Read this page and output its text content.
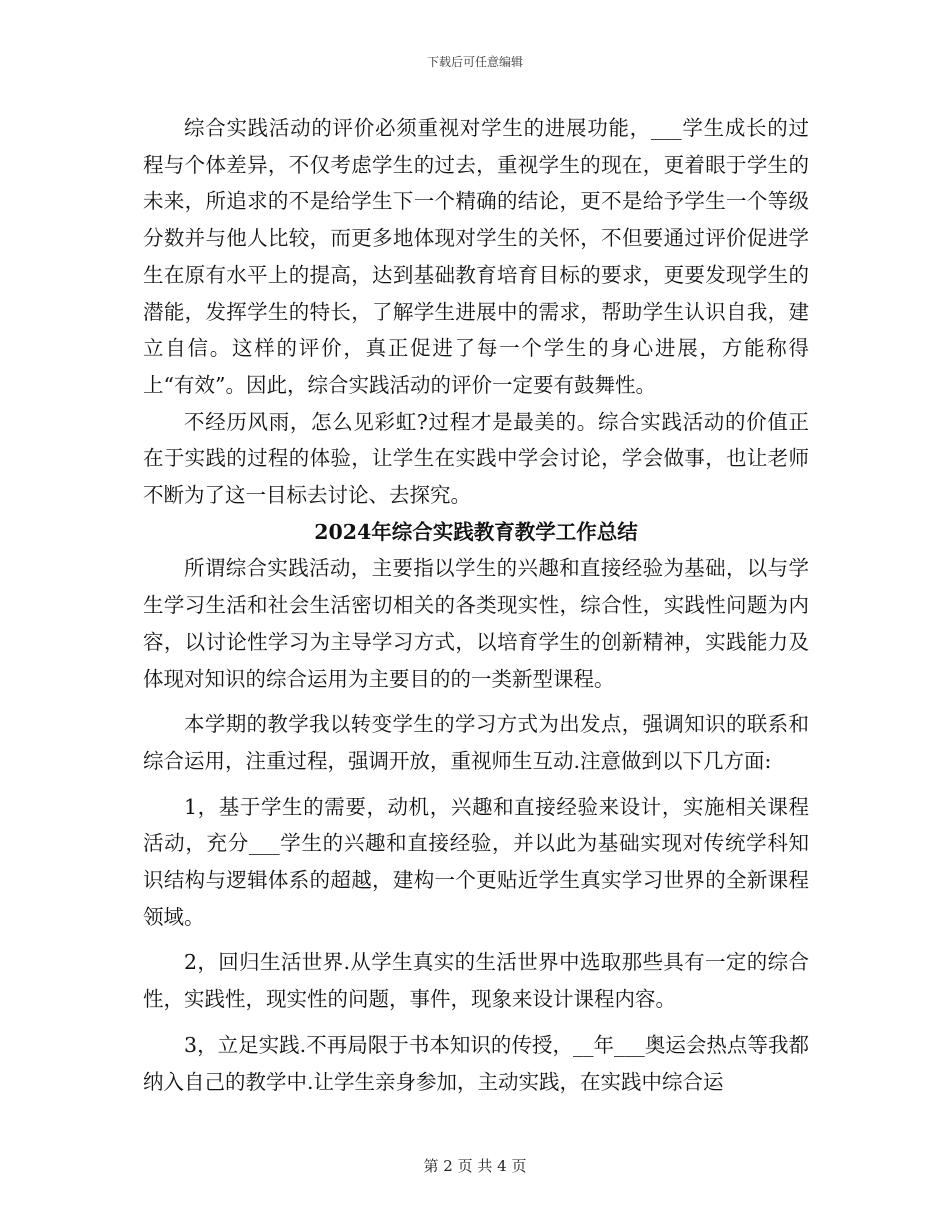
下载后可任意编辑

综合实践活动的评价必须重视对学生的进展功能，___学生成长的过程与个体差异，不仅考虑学生的过去，重视学生的现在，更着眼于学生的未来，所追求的不是给学生下一个精确的结论，更不是给予学生一个等级分数并与他人比较，而更多地体现对学生的关怀，不但要通过评价促进学生在原有水平上的提高，达到基础教育培育目标的要求，更要发现学生的潜能，发挥学生的特长，了解学生进展中的需求，帮助学生认识自我，建立自信。这样的评价，真正促进了每一个学生的身心进展，方能称得上“有效”。因此，综合实践活动的评价一定要有鼓舞性。

不经历风雨，怎么见彩虹?过程才是最美的。综合实践活动的价值正在于实践的过程的体验，让学生在实践中学会讨论，学会做事，也让老师不断为了这一目标去讨论、去探究。

2024年综合实践教育教学工作总结

所谓综合实践活动，主要指以学生的兴趣和直接经验为基础，以与学生学习生活和社会生活密切相关的各类现实性，综合性，实践性问题为内容，以讨论性学习为主导学习方式，以培育学生的创新精神，实践能力及体现对知识的综合运用为主要目的的一类新型课程。

本学期的教学我以转变学生的学习方式为出发点，强调知识的联系和综合运用，注重过程，强调开放，重视师生互动.注意做到以下几方面:

1，基于学生的需要，动机，兴趣和直接经验来设计，实施相关课程活动，充分___学生的兴趣和直接经验，并以此为基础实现对传统学科知识结构与逻辑体系的超越，建构一个更贴近学生真实学习世界的全新课程领域。

2，回归生活世界.从学生真实的生活世界中选取那些具有一定的综合性，实践性，现实性的问题，事件，现象来设计课程内容。

3，立足实践.不再局限于书本知识的传授，__年___奥运会热点等我都纳入自己的教学中.让学生亲身参加，主动实践，在实践中综合运

第 2 页 共 4 页
